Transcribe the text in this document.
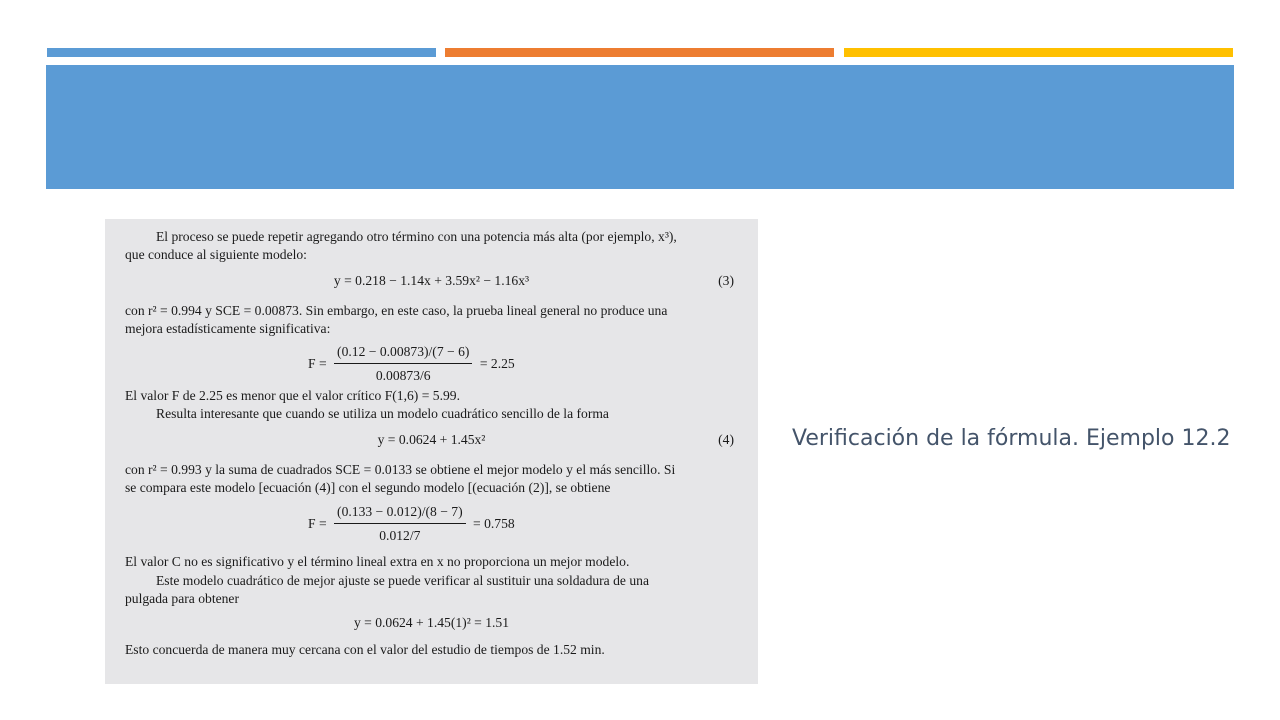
El proceso se puede repetir agregando otro término con una potencia más alta (por ejemplo, x³),
que conduce al siguiente modelo:
y = 0.218 − 1.14x + 3.59x² − 1.16x³	(3)
con r² = 0.994 y SCE = 0.00873. Sin embargo, en este caso, la prueba lineal general no produce una
mejora estadísticamente significativa:
$F = \frac{(0.12 - 0.00873)/(7 - 6)}{0.00873/6} = 2.25$
El valor F de 2.25 es menor que el valor crítico F(1,6) = 5.99.
Resulta interesante que cuando se utiliza un modelo cuadrático sencillo de la forma
y = 0.0624 + 1.45x²	(4)
con r² = 0.993 y la suma de cuadrados SCE = 0.0133 se obtiene el mejor modelo y el más sencillo. Si
se compara este modelo [ecuación (4)] con el segundo modelo [(ecuación (2)], se obtiene
$F = \frac{(0.133 - 0.012)/(8 - 7)}{0.012/7} = 0.758$
El valor C no es significativo y el término lineal extra en x no proporciona un mejor modelo.
Este modelo cuadrático de mejor ajuste se puede verificar al sustituir una soldadura de una
pulgada para obtener
y = 0.0624 + 1.45(1)² = 1.51
Esto concuerda de manera muy cercana con el valor del estudio de tiempos de 1.52 min.
Verificación de la fórmula. Ejemplo 12.2
